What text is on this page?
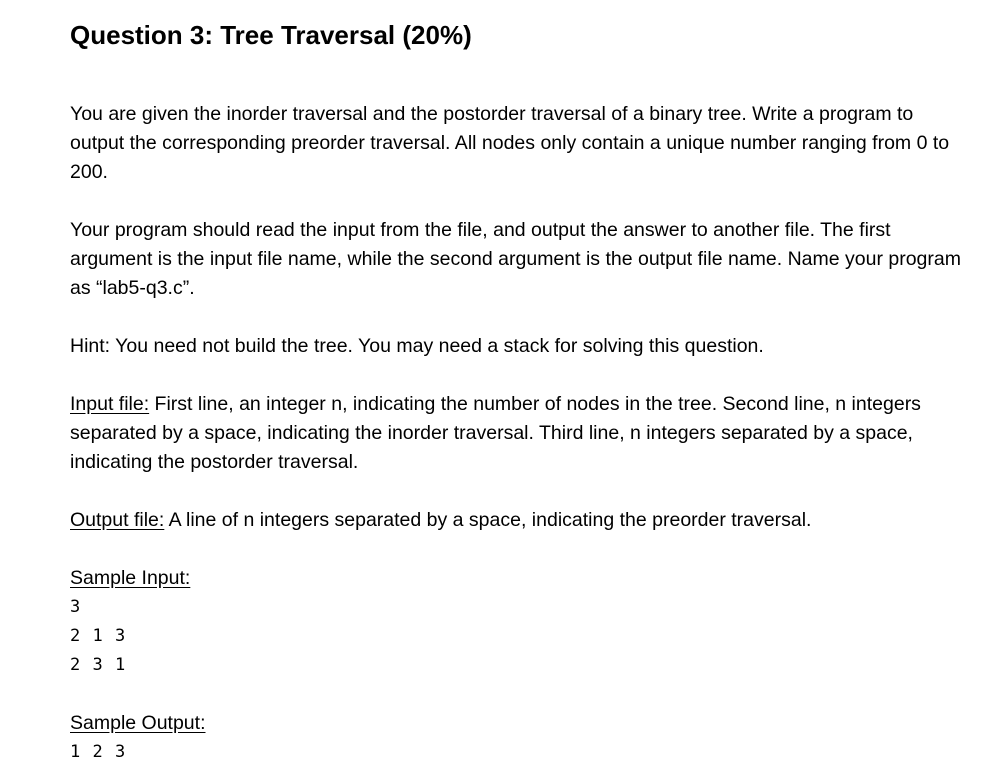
Question 3: Tree Traversal (20%)

You are given the inorder traversal and the postorder traversal of a binary tree. Write a program to output the corresponding preorder traversal. All nodes only contain a unique number ranging from 0 to 200.

Your program should read the input from the file, and output the answer to another file. The first argument is the input file name, while the second argument is the output file name. Name your program as “lab5-q3.c”.

Hint: You need not build the tree. You may need a stack for solving this question.

Input file: First line, an integer n, indicating the number of nodes in the tree. Second line, n integers separated by a space, indicating the inorder traversal. Third line, n integers separated by a space, indicating the postorder traversal.

Output file: A line of n integers separated by a space, indicating the preorder traversal.

Sample Input:

3

2 1 3

2 3 1

Sample Output:

1 2 3
